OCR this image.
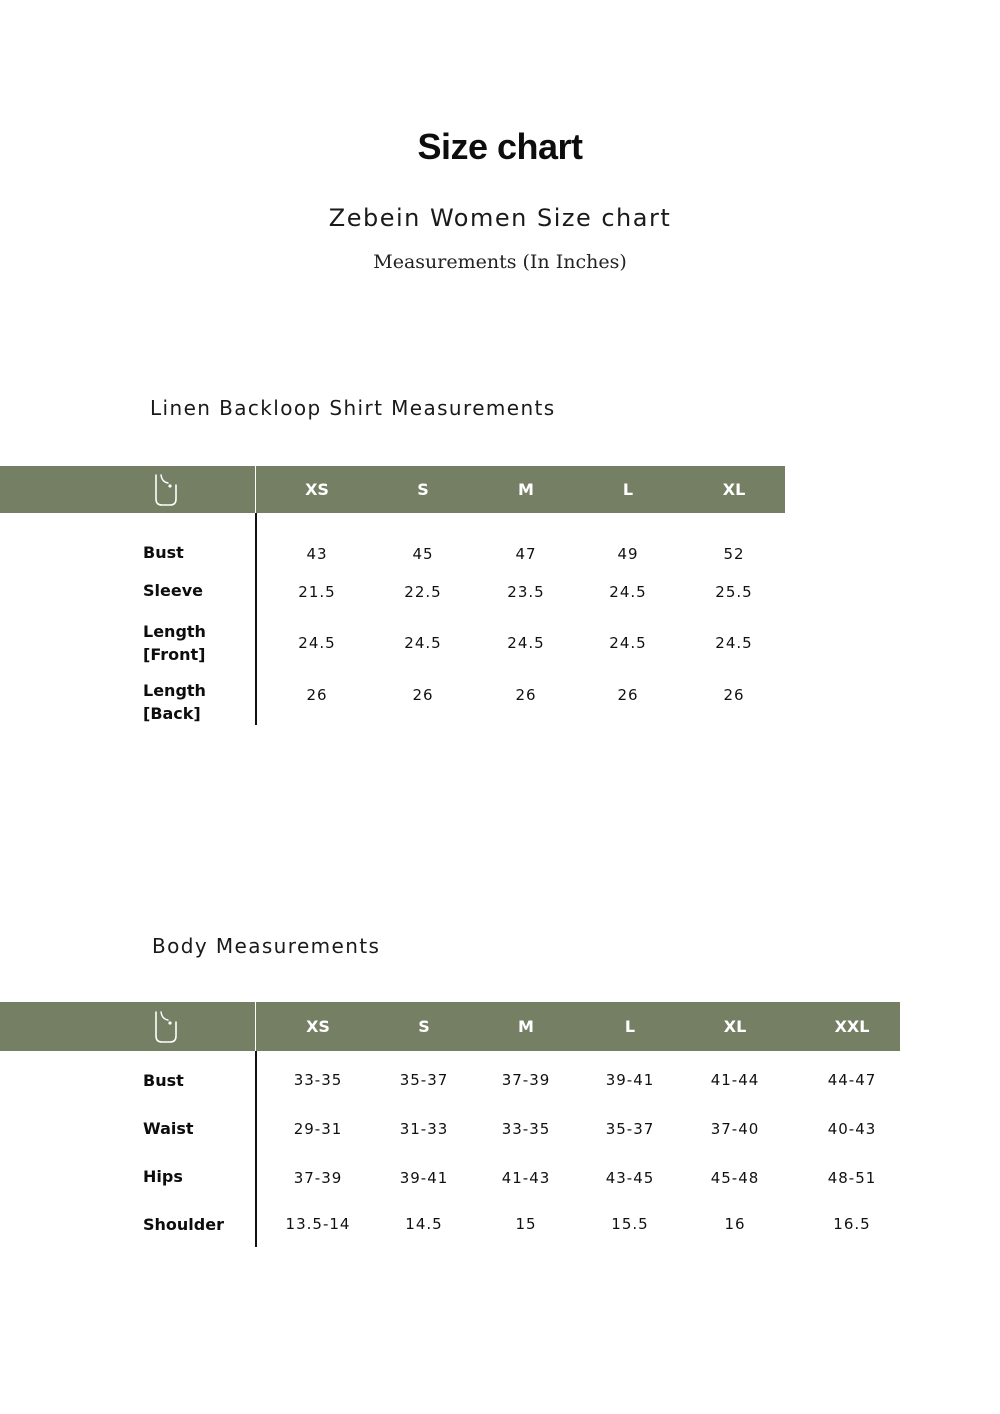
Size chart
Zebein Women Size chart
Measurements (In Inches)
Linen Backloop Shirt Measurements
XS	S	M	L	XL
Bust	43	45	47	49	52
Sleeve	21.5	22.5	23.5	24.5	25.5
Length
[Front]
24.5	24.5	24.5	24.5	24.5
Length
[Back]
26	26	26	26	26
Body Measurements
XS	S	M	L	XL	XXL
Bust	33-35	35-37	37-39	39-41	41-44	44-47
Waist	29-31	31-33	33-35	35-37	37-40	40-43
Hips	37-39	39-41	41-43	43-45	45-48	48-51
Shoulder	13.5-14	14.5	15	15.5	16	16.5
